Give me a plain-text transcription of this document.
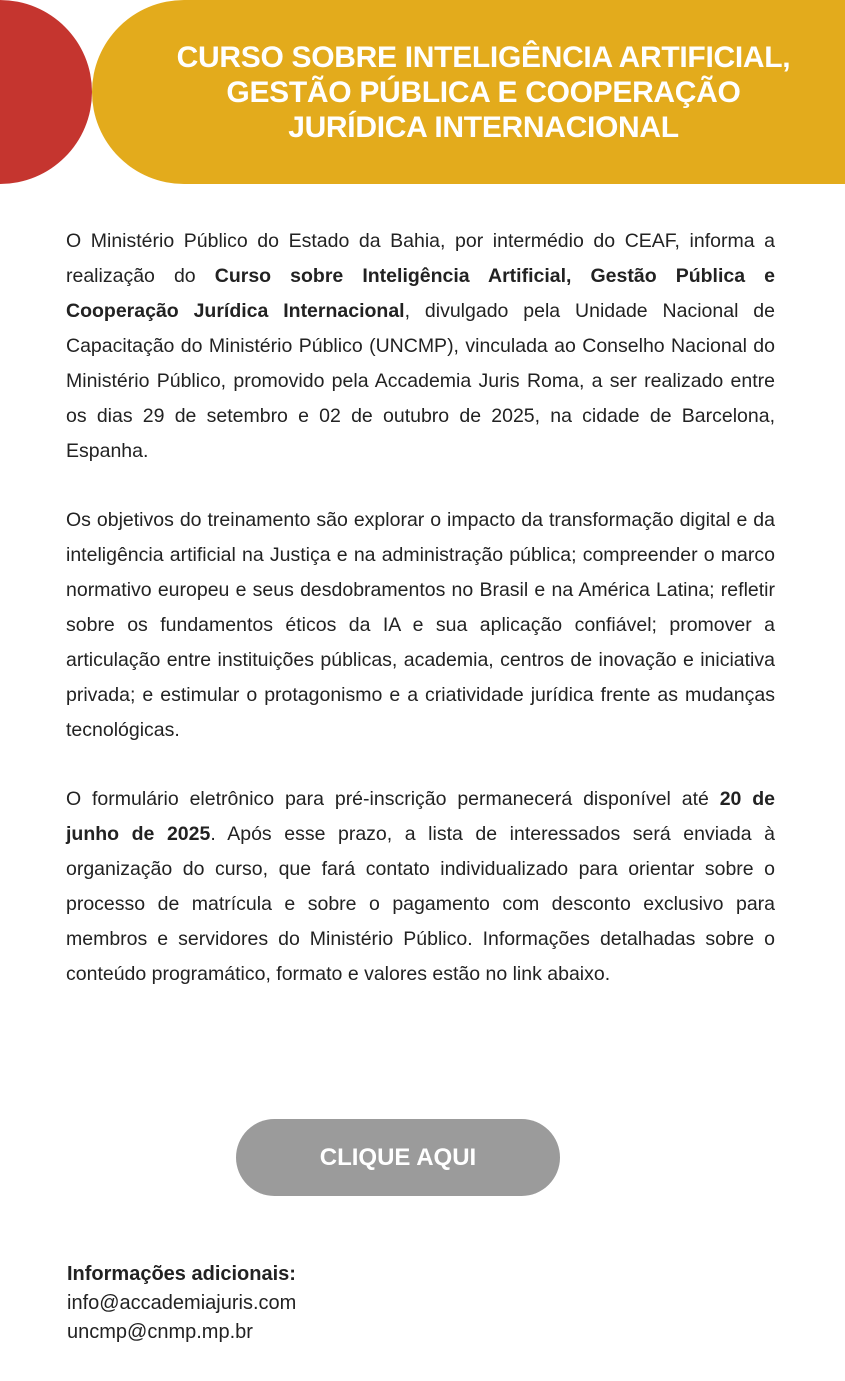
CURSO SOBRE INTELIGÊNCIA ARTIFICIAL,
GESTÃO PÚBLICA E COOPERAÇÃO
JURÍDICA INTERNACIONAL

O Ministério Público do Estado da Bahia, por intermédio do CEAF, informa a realização do Curso sobre Inteligência Artificial, Gestão Pública e Cooperação Jurídica Internacional, divulgado pela Unidade Nacional de Capacitação do Ministério Público (UNCMP), vinculada ao Conselho Nacional do Ministério Público, promovido pela Accademia Juris Roma, a ser realizado entre os dias 29 de setembro e 02 de outubro de 2025, na cidade de Barcelona, Espanha.

Os objetivos do treinamento são explorar o impacto da transformação digital e da inteligência artificial na Justiça e na administração pública; compreender o marco normativo europeu e seus desdobramentos no Brasil e na América Latina; refletir sobre os fundamentos éticos da IA e sua aplicação confiável; promover a articulação entre instituições públicas, academia, centros de inovação e iniciativa privada; e estimular o protagonismo e a criatividade jurídica frente as mudanças tecnológicas.

O formulário eletrônico para pré-inscrição permanecerá disponível até 20 de junho de 2025. Após esse prazo, a lista de interessados será enviada à organização do curso, que fará contato individualizado para orientar sobre o processo de matrícula e sobre o pagamento com desconto exclusivo para membros e servidores do Ministério Público. Informações detalhadas sobre o conteúdo programático, formato e valores estão no link abaixo.

CLIQUE AQUI
Informações adicionais:
info@accademiajuris.com
uncmp@cnmp.mp.br
